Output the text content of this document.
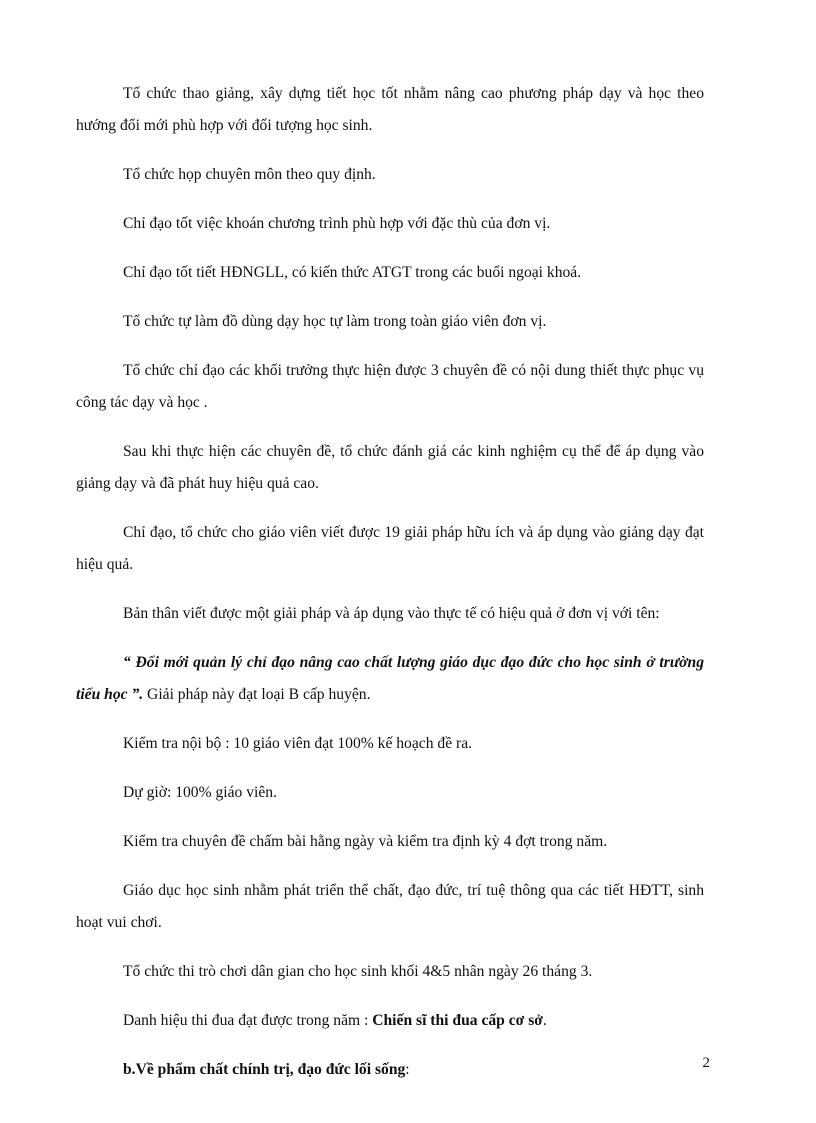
Tổ chức thao giảng, xây dựng tiết học tốt nhằm nâng cao phương pháp dạy và học theo hướng đổi mới phù hợp với đối tượng học sinh.

Tổ chức họp chuyên môn theo quy định.

Chỉ đạo tốt việc khoán chương trình phù hợp với đặc thù của đơn vị.

Chỉ đạo tốt tiết HĐNGLL, có kiến thức ATGT trong các buổi ngoại khoá.

Tổ chức tự làm đồ dùng dạy học tự làm trong toàn giáo viên đơn vị.

Tổ chức chỉ đạo các khối trưởng thực hiện được 3 chuyên đề có nội dung thiết thực phục vụ công tác dạy và học .

Sau khi thực hiện các chuyên đề, tổ chức đánh giá các kinh nghiệm cụ thể để áp dụng vào giảng dạy và đã phát huy hiệu quả cao.

Chỉ đạo, tổ chức cho giáo viên viết được 19 giải pháp hữu ích và áp dụng vào giảng dạy đạt hiệu quả.

Bản thân viết được một giải pháp và áp dụng vào thực tế có hiệu quả ở đơn vị với tên:

“ Đổi mới quản lý chỉ đạo nâng cao chất lượng giáo dục đạo đức cho học sinh ở trường tiểu học ”. Giải pháp này đạt loại B cấp huyện.

Kiểm tra nội bộ : 10 giáo viên đạt 100% kế hoạch đề ra.

Dự giờ: 100% giáo viên.

Kiểm tra chuyên đề chấm bài hằng ngày và kiểm tra định kỳ 4 đợt trong năm.

Giáo dục học sinh nhằm phát triển thể chất, đạo đức, trí tuệ thông qua các tiết HĐTT, sinh hoạt vui chơi.

Tổ chức thi trò chơi dân gian cho học sinh khối 4&5 nhân ngày 26 tháng 3.

Danh hiệu thi đua đạt được trong năm : Chiến sĩ thi đua cấp cơ sở.

b.Về phẩm chất chính trị, đạo đức lối sống:	2
